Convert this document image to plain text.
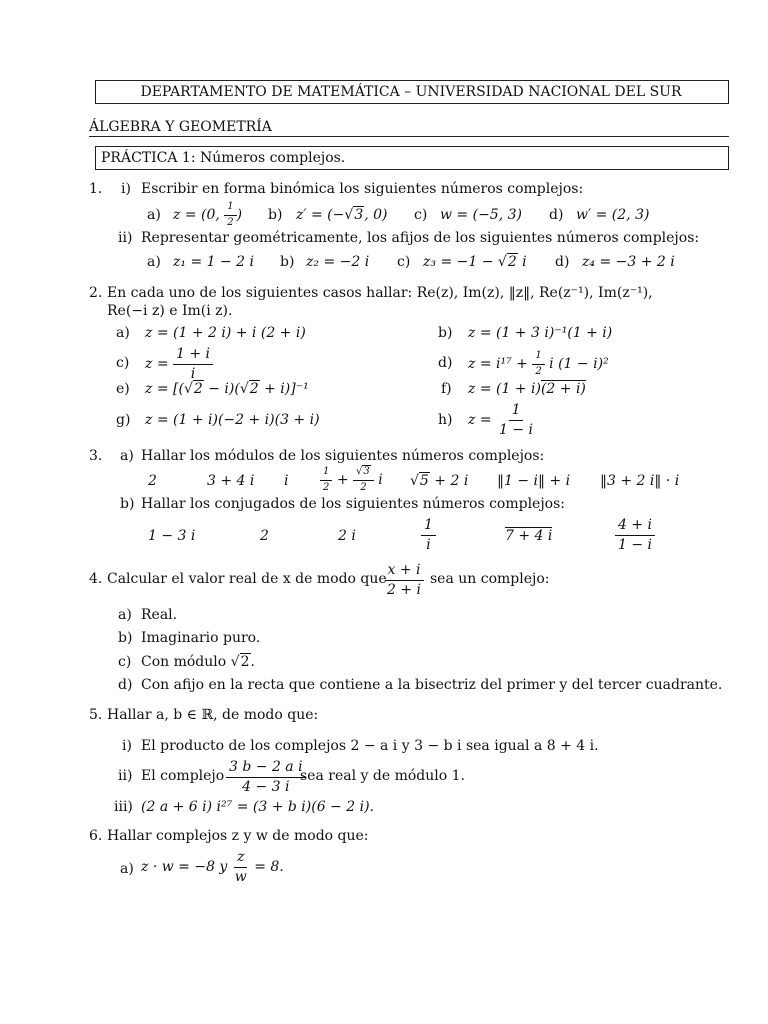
DEPARTAMENTO DE MATEMÁTICA – UNIVERSIDAD NACIONAL DEL SUR
ÁLGEBRA Y GEOMETRÍA
PRÁCTICA 1: Números complejos.
1. i) Escribir en forma binómica los siguientes números complejos:
a) z = (0, $\frac{1}{2}$ ) b) z′ = (−√3, 0) c) w = (−5, 3) d) w′ = (2, 3)
ii) Representar geométricamente, los afijos de los siguientes números complejos:
a) z₁ = 1 − 2 i b) z₂ = −2 i c) z₃ = −1 − √2 i d) z₄ = −3 + 2 i
2. En cada uno de los siguientes casos hallar: Re(z), Im(z), ‖z‖, Re(z⁻¹), Im(z⁻¹),
Re(−i z) e Im(i z).
a) z = (1 + 2 i) + i (2 + i)	b) z = (1 + 3 i)⁻¹(1 + i)
c) $z = \frac{1 + i}{i}$	d) $z = i^{17} + \frac{1}{2}$ i (1 − i)²
e) z = [(√2 − i)(√2 + i)]⁻¹	f) z = (1 + i)(2 + i)
g) z = (1 + i)(−2 + i)(3 + i)	h) $z = \frac{1}{1 - i}$
3. a) Hallar los módulos de los siguientes números complejos:
2	3 + 4 i i	$\frac{1}{2} + \frac{√3}{2}$ i √5 + 2 i ‖1 − i‖ + i ‖3 + 2 i‖ · i
b) Hallar los conjugados de los siguientes números complejos:
1 − 3 i	2	2 i	$\frac{1}{i}$	7 + 4 i	$\frac{4 + i}{1 - i}$
4. Calcular el valor real de x de modo que
$\frac{x + i}{2 + i}$ sea un complejo:
a) Real.
b) Imaginario puro.
c) Con módulo √2.
d) Con afijo en la recta que contiene a la bisectriz del primer y del tercer cuadrante.
5. Hallar a, b ∈ ℝ, de modo que:
i) El producto de los complejos 2 − a i y 3 − b i sea igual a 8 + 4 i.
ii) El complejo $\frac{\text{3 b − 2 a i}}{4 - 3 i}$
sea real y de módulo 1.
iii) (2 a + 6 i) i²⁷ = (3 + b i)(6 − 2 i).
6. Hallar complejos z y w de modo que:
a) z · w = −8 y $\frac{z}{w} = 8$.
